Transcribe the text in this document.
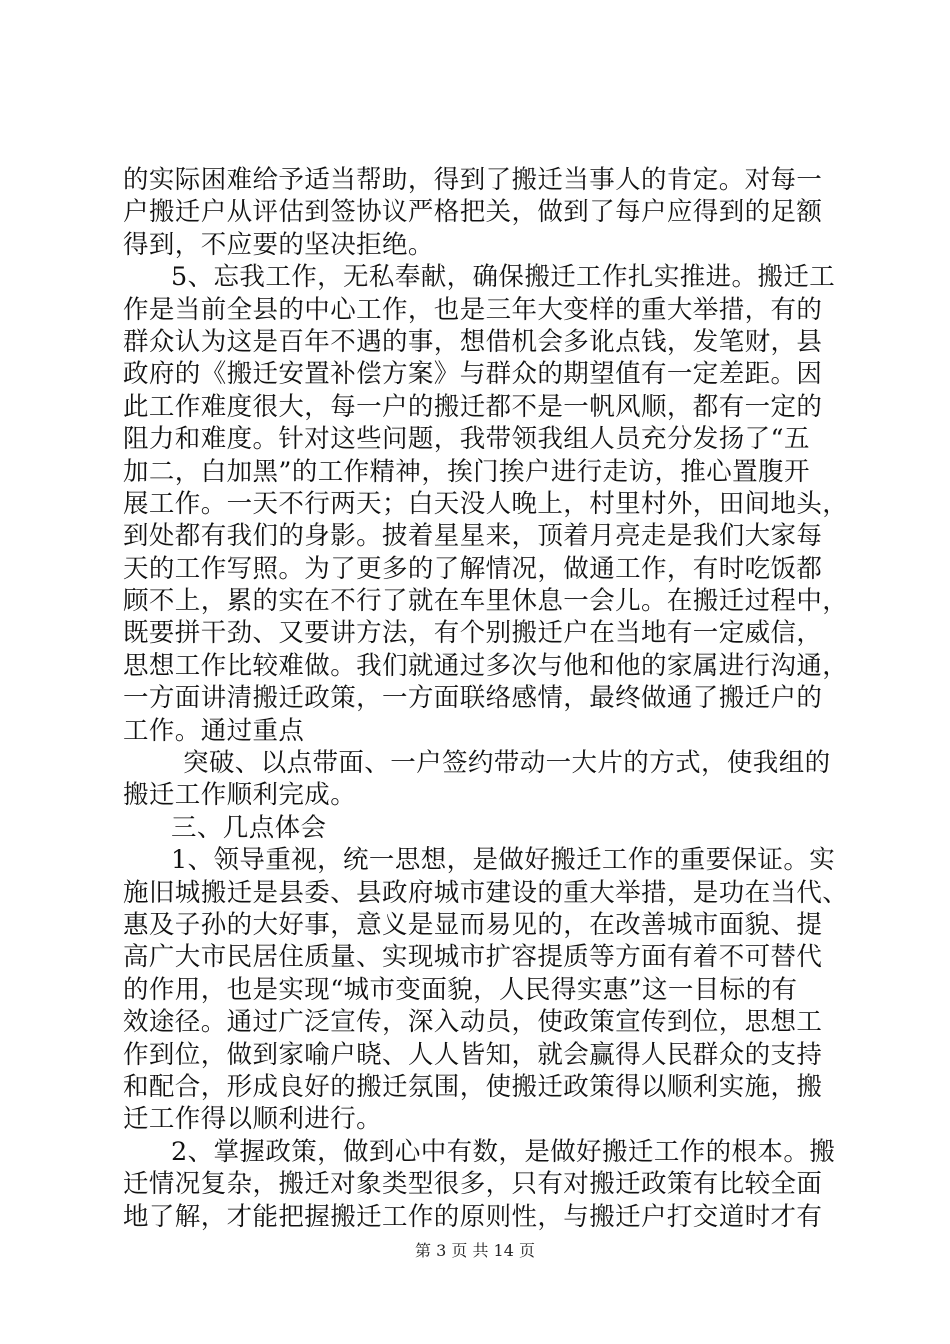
的实际困难给予适当帮助，得到了搬迁当事人的肯定。对每一
户搬迁户从评估到签协议严格把关，做到了每户应得到的足额
得到，不应要的坚决拒绝。

5、忘我工作，无私奉献，确保搬迁工作扎实推进。搬迁工
作是当前全县的中心工作，也是三年大变样的重大举措，有的
群众认为这是百年不遇的事，想借机会多讹点钱，发笔财，县
政府的《搬迁安置补偿方案》与群众的期望值有一定差距。因
此工作难度很大，每一户的搬迁都不是一帆风顺，都有一定的
阻力和难度。针对这些问题，我带领我组人员充分发扬了“五
加二，白加黑”的工作精神，挨门挨户进行走访，推心置腹开
展工作。一天不行两天；白天没人晚上，村里村外，田间地头，
到处都有我们的身影。披着星星来，顶着月亮走是我们大家每
天的工作写照。为了更多的了解情况，做通工作，有时吃饭都
顾不上，累的实在不行了就在车里休息一会儿。在搬迁过程中，
既要拼干劲、又要讲方法，有个别搬迁户在当地有一定威信，
思想工作比较难做。我们就通过多次与他和他的家属进行沟通，
一方面讲清搬迁政策，一方面联络感情，最终做通了搬迁户的
工作。通过重点

突破、以点带面、一户签约带动一大片的方式，使我组的
搬迁工作顺利完成。

三、几点体会

1、领导重视，统一思想，是做好搬迁工作的重要保证。实
施旧城搬迁是县委、县政府城市建设的重大举措，是功在当代、
惠及子孙的大好事，意义是显而易见的，在改善城市面貌、提
高广大市民居住质量、实现城市扩容提质等方面有着不可替代
的作用，也是实现“城市变面貌，人民得实惠”这一目标的有
效途径。通过广泛宣传，深入动员，使政策宣传到位，思想工
作到位，做到家喻户晓、人人皆知，就会赢得人民群众的支持
和配合，形成良好的搬迁氛围，使搬迁政策得以顺利实施，搬
迁工作得以顺利进行。

2、掌握政策，做到心中有数，是做好搬迁工作的根本。搬
迁情况复杂，搬迁对象类型很多，只有对搬迁政策有比较全面
地了解，才能把握搬迁工作的原则性，与搬迁户打交道时才有

第 3 页 共 14 页
